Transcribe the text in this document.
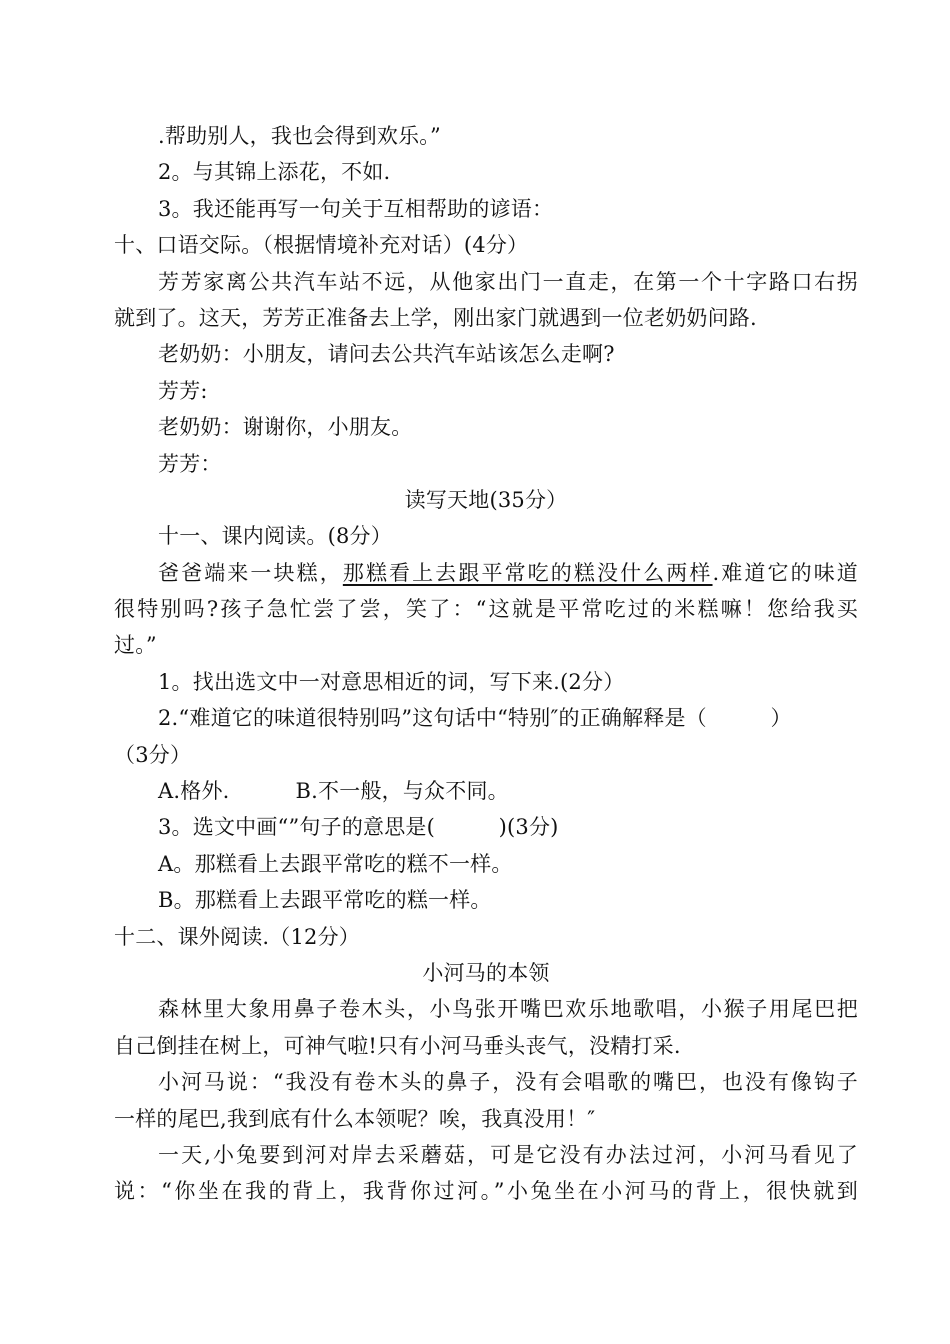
.帮助别人，我也会得到欢乐。”
2。与其锦上添花，不如.
3。我还能再写一句关于互相帮助的谚语：
十、口语交际。（根据情境补充对话）(4分）
芳芳家离公共汽车站不远，从他家出门一直走，在第一个十字路口右拐
就到了。这天，芳芳正准备去上学，刚出家门就遇到一位老奶奶问路.
老奶奶：小朋友，请问去公共汽车站该怎么走啊?
芳芳:
老奶奶：谢谢你，小朋友。
芳芳：
读写天地(35分）
十一、课内阅读。(8分）
爸爸端来一块糕，那糕看上去跟平常吃的糕没什么两样.难道它的味道
很特别吗?孩子急忙尝了尝，笑了：“这就是平常吃过的米糕嘛！您给我买
过。”
1。找出选文中一对意思相近的词，写下来.(2分）
2.“难道它的味道很特别吗”这句话中“特别″的正确解释是（　　　）
（3分）
A.格外.	B.不一般，与众不同。
3。选文中画“”句子的意思是(　　　)(3分)
A。那糕看上去跟平常吃的糕不一样。
B。那糕看上去跟平常吃的糕一样。
十二、课外阅读.（12分）
小河马的本领
森林里大象用鼻子卷木头，小鸟张开嘴巴欢乐地歌唱，小猴子用尾巴把
自己倒挂在树上，可神气啦!只有小河马垂头丧气，没精打采.
小河马说：“我没有卷木头的鼻子，没有会唱歌的嘴巴，也没有像钩子
一样的尾巴,我到底有什么本领呢？唉，我真没用！″
一天,小兔要到河对岸去采蘑菇，可是它没有办法过河，小河马看见了
说：“你坐在我的背上，我背你过河。”小兔坐在小河马的背上，很快就到
